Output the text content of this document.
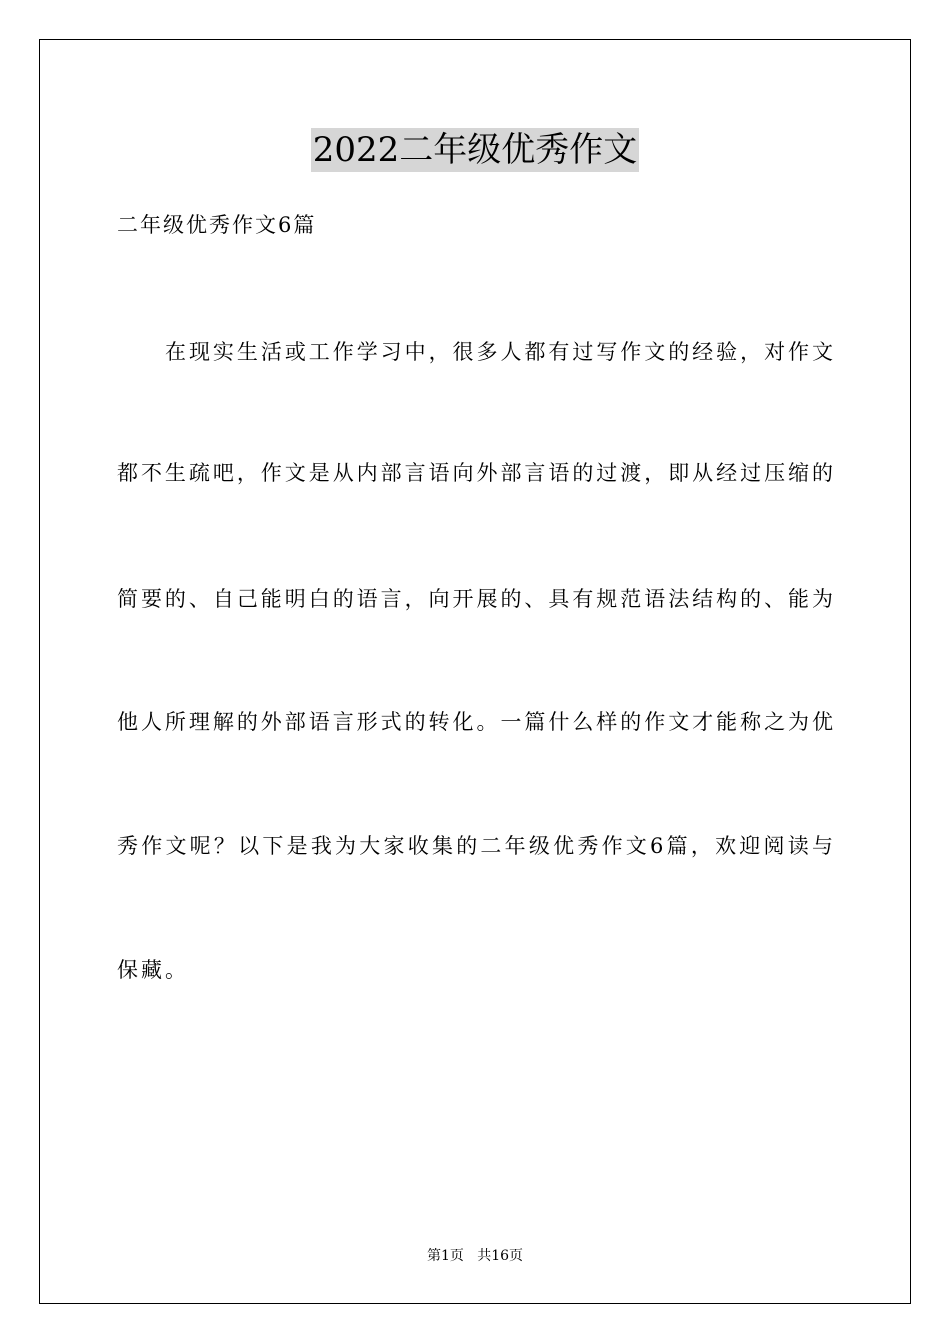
2022二年级优秀作文
二年级优秀作文6篇
在现实生活或工作学习中，很多人都有过写作文的经验，对作文
都不生疏吧，作文是从内部言语向外部言语的过渡，即从经过压缩的
简要的、自己能明白的语言，向开展的、具有规范语法结构的、能为
他人所理解的外部语言形式的转化。一篇什么样的作文才能称之为优
秀作文呢？以下是我为大家收集的二年级优秀作文6篇，欢迎阅读与
保藏。
第1页   共16页
